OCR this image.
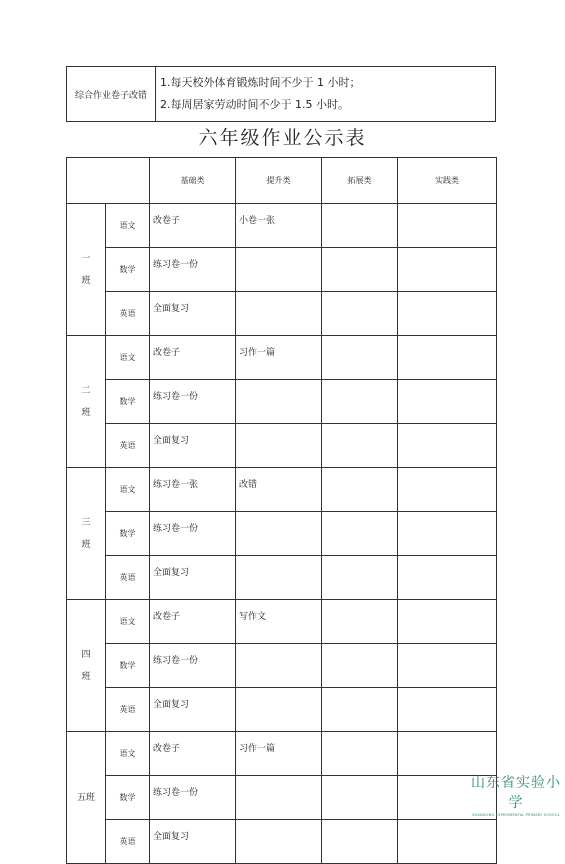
综合作业卷子改错	
1.每天校外体育锻炼时间不少于 1 小时；
2.每周居家劳动时间不少于 1.5 小时。
六年级作业公示表
		基础类	提升类	拓展类	实践类

一
班	语文	改卷子	小卷一张		
	数学	练习卷一份			
	英语	全面复习			

二
班	语文	改卷子	习作一篇		
	数学	练习卷一份			
	英语	全面复习			

三
班	语文	练习卷一张	改错		
	数学	练习卷一份			
	英语	全面复习			

四
班	语文	改卷子	写作文		
	数学	练习卷一份			
	英语	全面复习			
五班	语文	改卷子	习作一篇		
	数学	练习卷一份			
	英语	全面复习			
山东省实验小学
SHANDONG EXPERIMENTAL PRIMARY SCHOOL
